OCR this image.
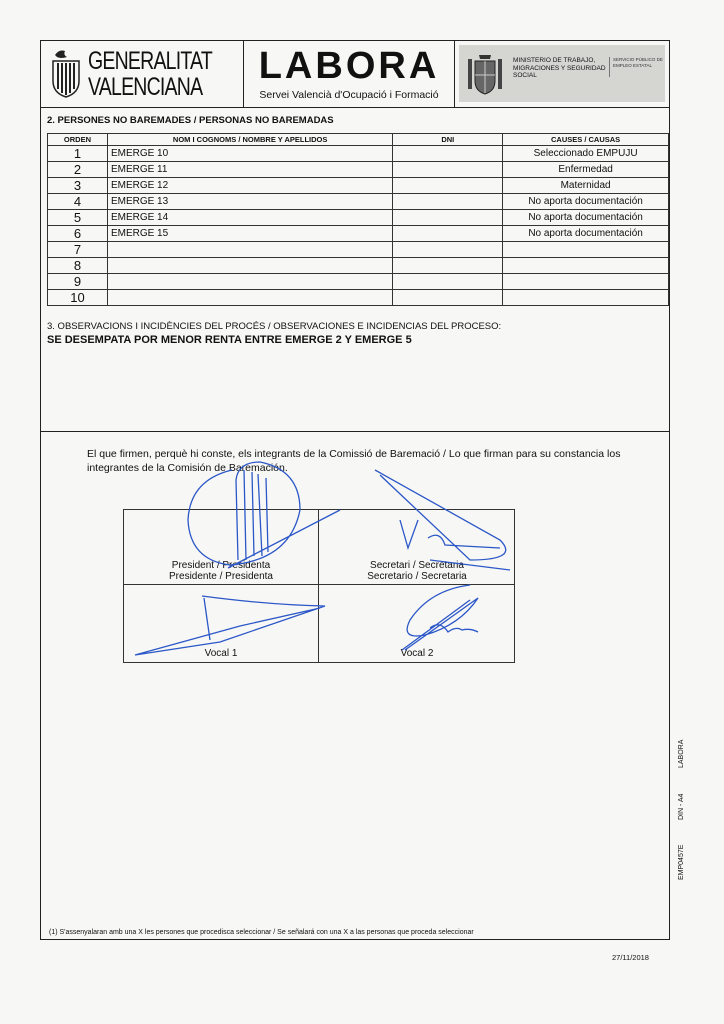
GENERALITAT
VALENCIANA	LABORA
Servei Valencià d'Ocupació i Formació
MINISTERIO DE TRABAJO, MIGRACIONES Y SEGURIDAD SOCIAL
SERVICIO PÚBLICO DE EMPLEO ESTATAL
2. PERSONES NO BAREMADES / PERSONAS NO BAREMADAS
ORDEN	NOM I COGNOMS / NOMBRE Y APELLIDOS	DNI	CAUSES / CAUSAS
1	EMERGE 10		Seleccionado EMPUJU
2	EMERGE 11		Enfermedad
3	EMERGE 12		Maternidad
4	EMERGE 13		No aporta documentación
5	EMERGE 14		No aporta documentación
6	EMERGE 15		No aporta documentación
7			
8			
9			
10			
3. OBSERVACIONS I INCIDÈNCIES DEL PROCÉS / OBSERVACIONES E INCIDENCIAS DEL PROCESO:
SE DESEMPATA POR MENOR RENTA ENTRE EMERGE 2 Y EMERGE 5
El que firmen, perquè hi conste, els integrants de la Comissió de Baremació / Lo que firman para su constancia los integrantes de la Comisión de Baremación.
President / Presidenta
Presidente / Presidenta
Secretari / Secretaria
Secretario / Secretaria
Vocal 1	Vocal 2
(1) S'assenyalaran amb una X les persones que procedisca seleccionar / Se señalará con una X a las personas que proceda seleccionar
27/11/2018
EMP0457E
DIN - A4
LABORA
